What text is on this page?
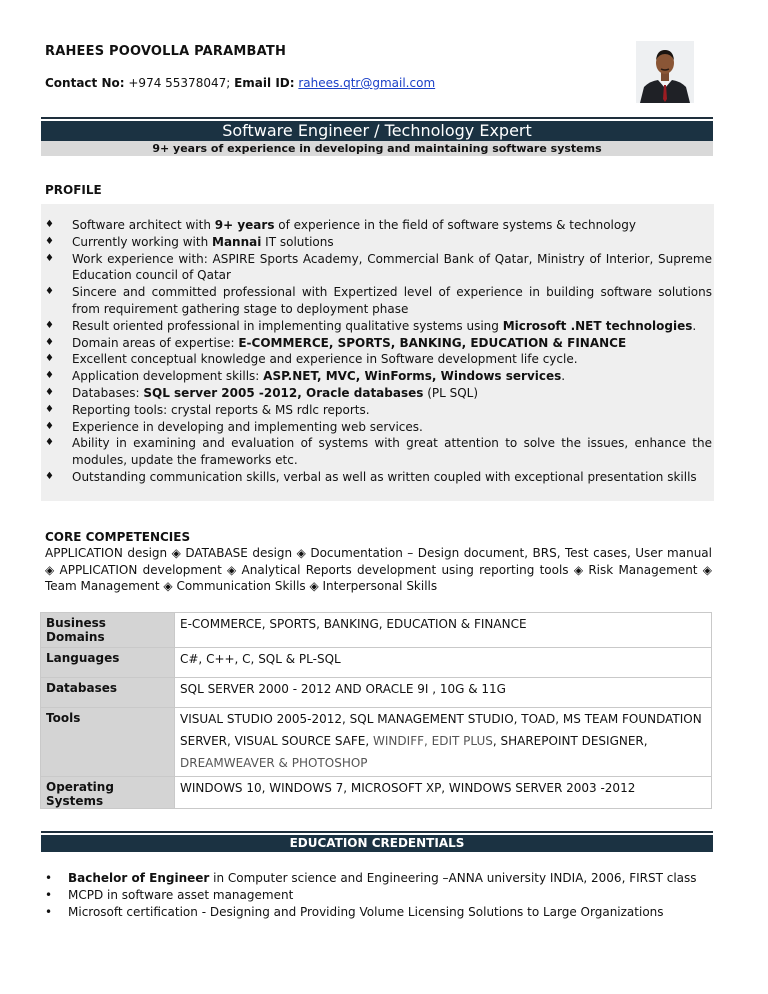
RAHEES POOVOLLA PARAMBATH
Contact No: +974 55378047; Email ID: rahees.qtr@gmail.com
Software Engineer / Technology Expert
9+ years of experience in developing and maintaining software systems
PROFILE
♦ Software architect with 9+ years of experience in the field of software systems & technology
♦ Currently working with Mannai IT solutions
♦ Work experience with: ASPIRE Sports Academy, Commercial Bank of Qatar, Ministry of Interior, Supreme Education council of Qatar
♦ Sincere and committed professional with Expertized level of experience in building software solutions from requirement gathering stage to deployment phase
♦ Result oriented professional in implementing qualitative systems using Microsoft .NET technologies.
♦ Domain areas of expertise: E-COMMERCE, SPORTS, BANKING, EDUCATION & FINANCE
♦ Excellent conceptual knowledge and experience in Software development life cycle.
♦ Application development skills: ASP.NET, MVC, WinForms, Windows services.
♦ Databases: SQL server 2005 -2012, Oracle databases (PL SQL)
♦ Reporting tools: crystal reports & MS rdlc reports.
♦ Experience in developing and implementing web services.
♦ Ability in examining and evaluation of systems with great attention to solve the issues, enhance the modules, update the frameworks etc.
♦ Outstanding communication skills, verbal as well as written coupled with exceptional presentation skills
CORE COMPETENCIES
APPLICATION design ◈ DATABASE design ◈ Documentation – Design document, BRS, Test cases, User manual ◈ APPLICATION development ◈ Analytical Reports development using reporting tools ◈ Risk Management ◈ Team Management ◈ Communication Skills ◈ Interpersonal Skills
Business Domains	E-COMMERCE, SPORTS, BANKING, EDUCATION & FINANCE
Languages	C#, C++, C, SQL & PL-SQL
Databases	SQL SERVER 2000 - 2012 AND ORACLE 9I , 10G & 11G
Tools	VISUAL STUDIO 2005-2012, SQL MANAGEMENT STUDIO, TOAD, MS TEAM FOUNDATION SERVER, VISUAL SOURCE SAFE, WINDIFF, EDIT PLUS, SHAREPOINT DESIGNER, DREAMWEAVER & PHOTOSHOP
Operating Systems	WINDOWS 10, WINDOWS 7, MICROSOFT XP, WINDOWS SERVER 2003 -2012
EDUCATION CREDENTIALS
• Bachelor of Engineer in Computer science and Engineering –ANNA university INDIA, 2006, FIRST class
• MCPD in software asset management
• Microsoft certification - Designing and Providing Volume Licensing Solutions to Large Organizations
